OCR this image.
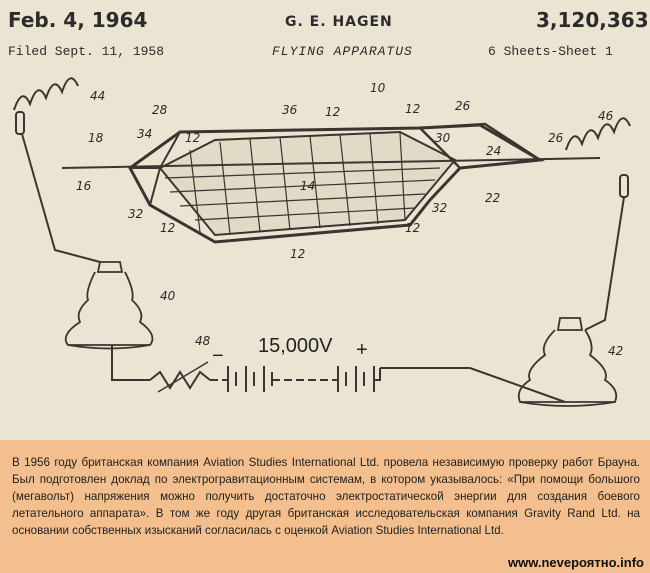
Feb. 4, 1964	G. E. HAGEN	3,120,363
Filed Sept. 11, 1958	FLYING APPARATUS	6 Sheets-Sheet 1
15,000V
−	+
10
12	12
12
12	12
12
14
16
18
22
24
26
26
28
30
32	32
34
36
40
42
44
46
48

В 1956 году британская компания Aviation Studies International Ltd. провела независимую проверку работ Брауна. Был подготовлен доклад по электрогравитационным системам, в котором указывалось: «При помощи большого (мегавольт) напряжения можно получить достаточно электростатической энергии для создания боевого летательного аппарата». В том же году другая британская исследовательская компания Gravity Rand Ltd. на основании собственных изысканий согласилась с оценкой Aviation Studies International Ltd.

www.nevероятно.info
